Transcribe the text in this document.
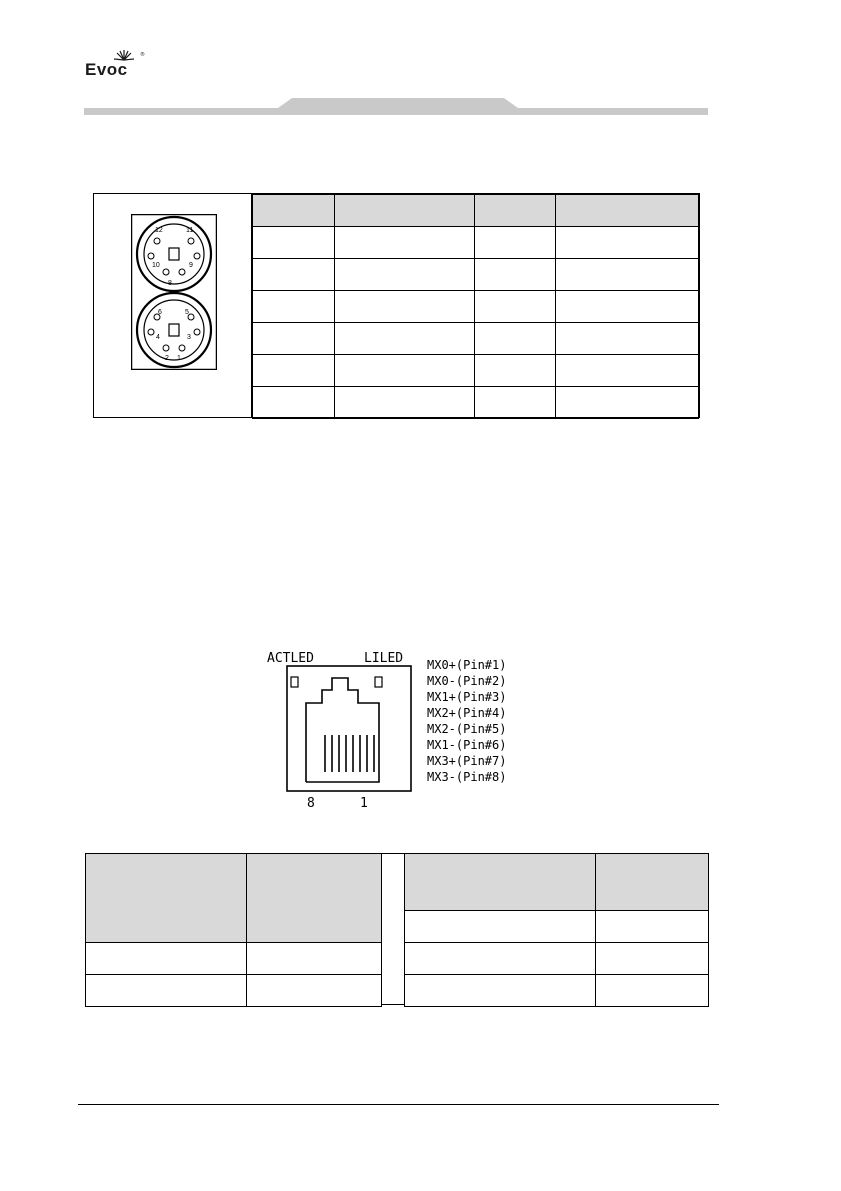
®
Evoc
12	11
10	9
8
6	5
4	3
2 1

ACTLED	LILED
8	1
MX0+(Pin#1)
MX0-(Pin#2)
MX1+(Pin#3)
MX2+(Pin#4)
MX2-(Pin#5)
MX1-(Pin#6)
MX3+(Pin#7)
MX3-(Pin#8)
